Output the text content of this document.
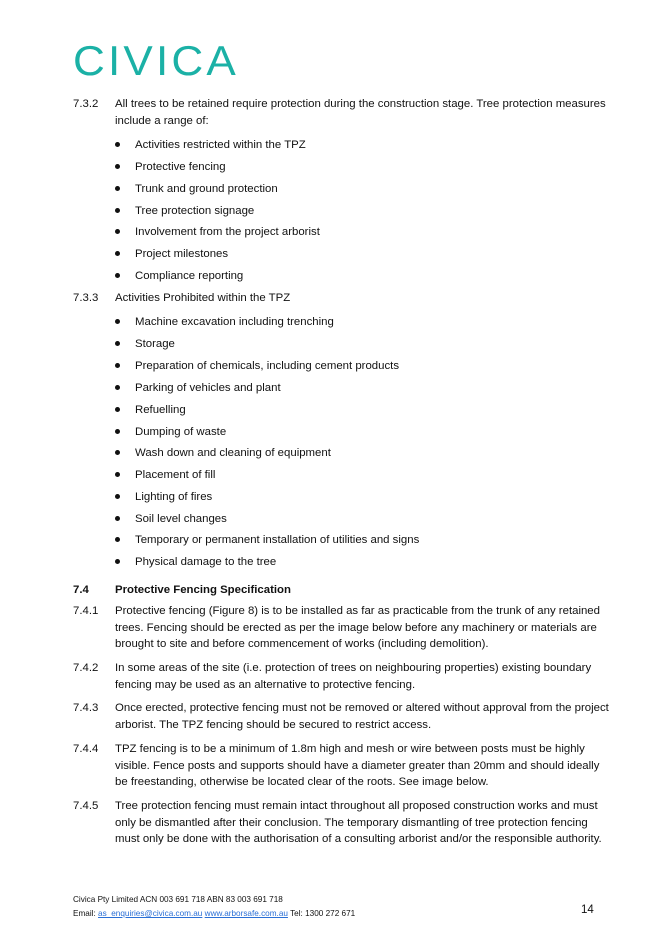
CIVICA
7.3.2	All trees to be retained require protection during the construction stage. Tree protection measures include a range of:
Activities restricted within the TPZ
Protective fencing
Trunk and ground protection
Tree protection signage
Involvement from the project arborist
Project milestones
Compliance reporting
7.3.3	Activities Prohibited within the TPZ
Machine excavation including trenching
Storage
Preparation of chemicals, including cement products
Parking of vehicles and plant
Refuelling
Dumping of waste
Wash down and cleaning of equipment
Placement of fill
Lighting of fires
Soil level changes
Temporary or permanent installation of utilities and signs
Physical damage to the tree
7.4	Protective Fencing Specification
7.4.1	Protective fencing (Figure 8) is to be installed as far as practicable from the trunk of any retained trees. Fencing should be erected as per the image below before any machinery or materials are brought to site and before commencement of works (including demolition).
7.4.2	In some areas of the site (i.e. protection of trees on neighbouring properties) existing boundary fencing may be used as an alternative to protective fencing.
7.4.3	Once erected, protective fencing must not be removed or altered without approval from the project arborist. The TPZ fencing should be secured to restrict access.
7.4.4	TPZ fencing is to be a minimum of 1.8m high and mesh or wire between posts must be highly visible. Fence posts and supports should have a diameter greater than 20mm and should ideally be freestanding, otherwise be located clear of the roots. See image below.
7.4.5	Tree protection fencing must remain intact throughout all proposed construction works and must only be dismantled after their conclusion. The temporary dismantling of tree protection fencing must only be done with the authorisation of a consulting arborist and/or the responsible authority.
Civica Pty Limited ACN 003 691 718 ABN 83 003 691 718
Email: as_enquiries@civica.com.au www.arborsafe.com.au Tel: 1300 272 671	14
